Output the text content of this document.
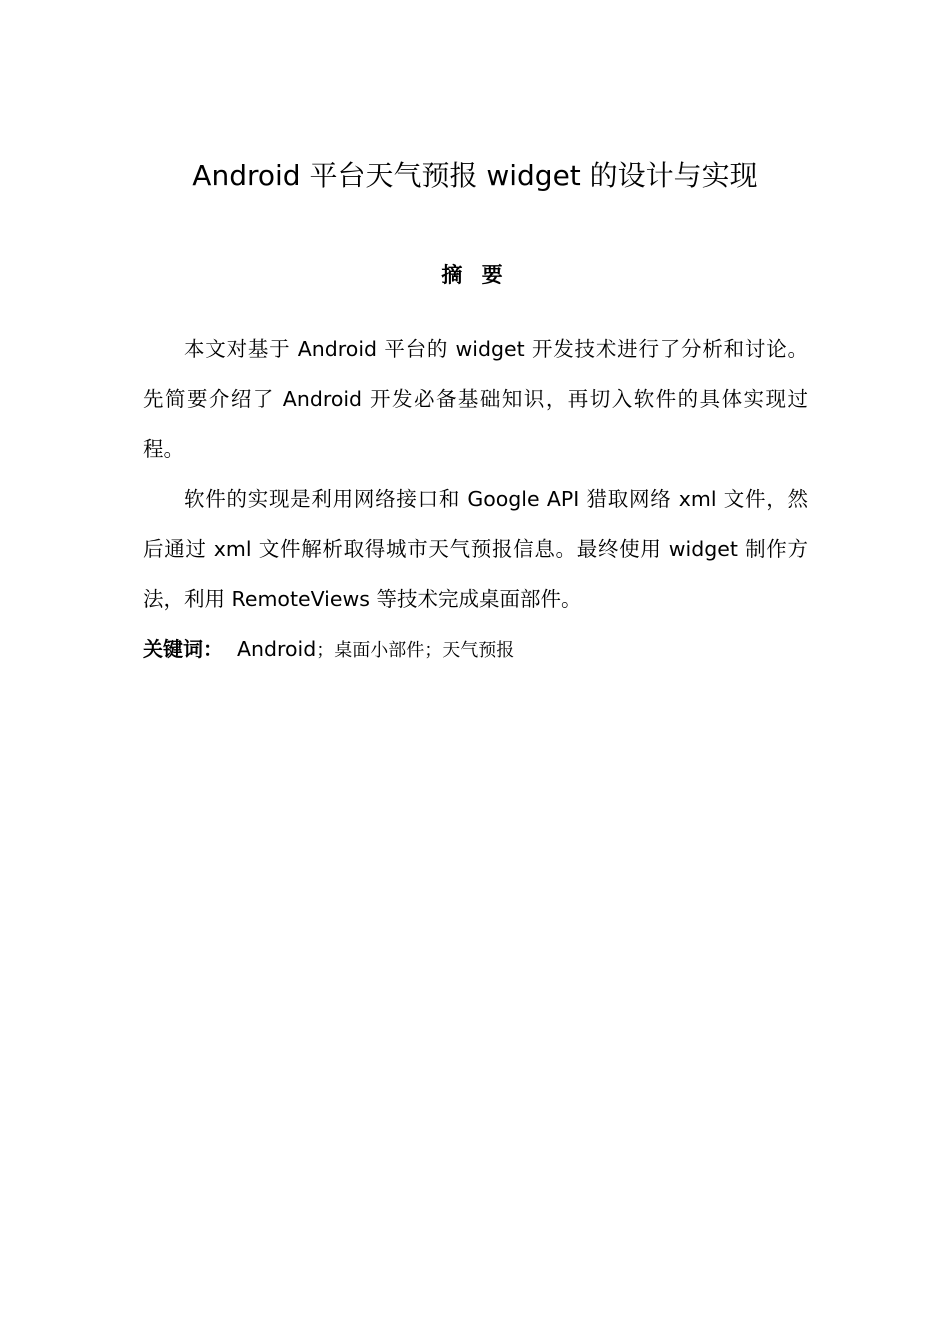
Android 平台天气预报 widget 的设计与实现
摘 要

本文对基于 Android 平台的 widget 开发技术进行了分析和讨论。先简要介绍了 Android 开发必备基础知识，再切入软件的具体实现过程。

软件的实现是利用网络接口和 Google API 猎取网络 xml 文件，然后通过 xml 文件解析取得城市天气预报信息。最终使用 widget 制作方法，利用 RemoteViews 等技术完成桌面部件。

关键词： Android；桌面小部件；天气预报
